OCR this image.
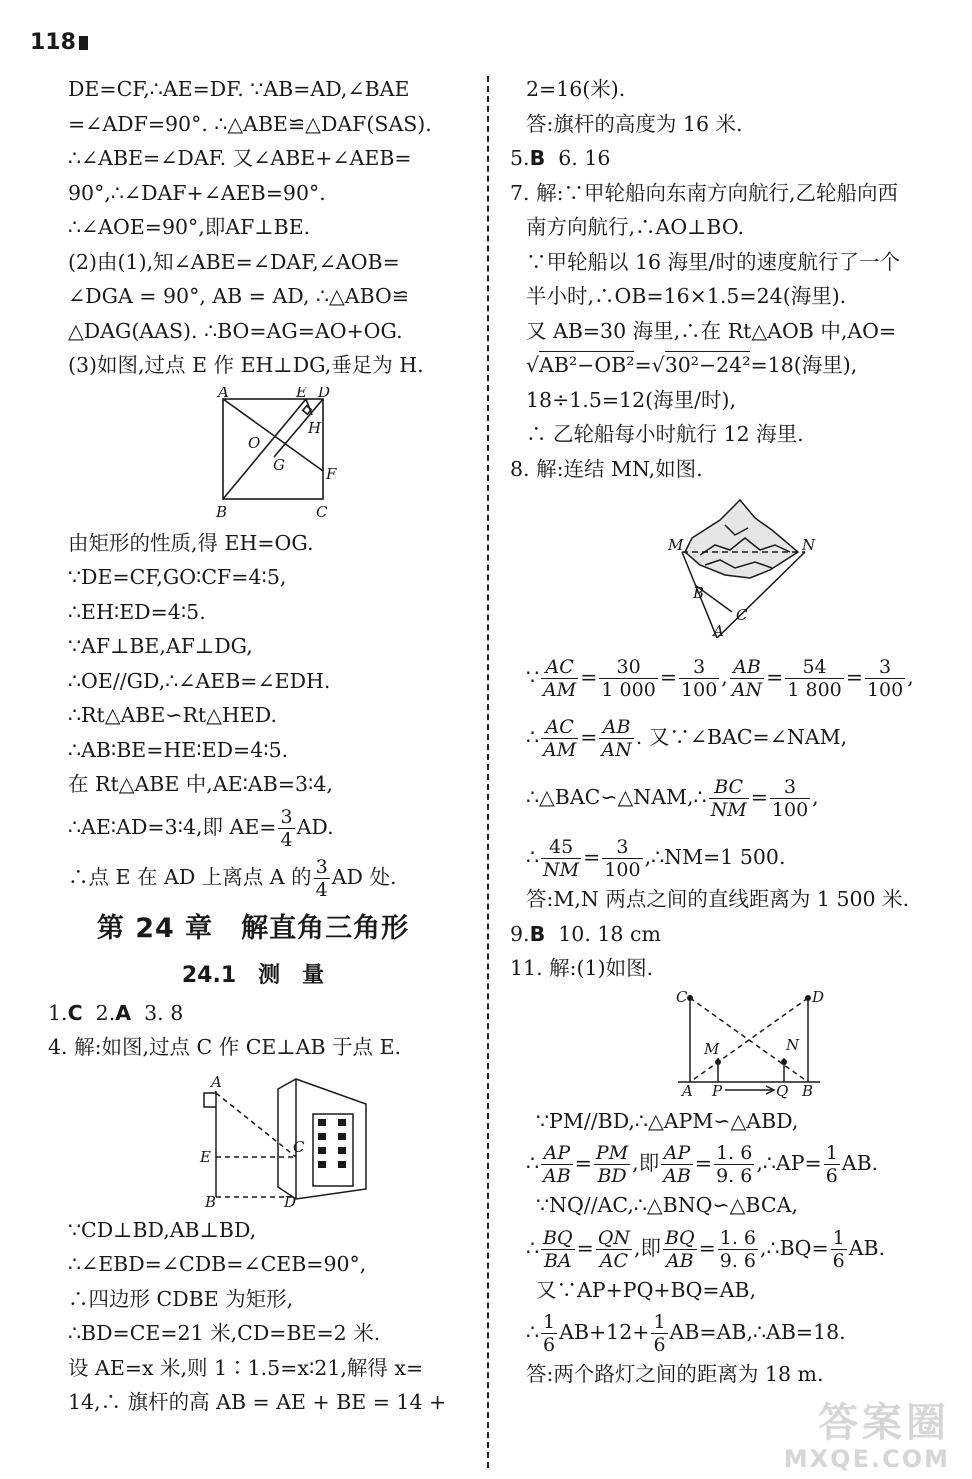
118
DE=CF,∴AE=DF. ∵AB=AD,∠BAE
=∠ADF=90°. ∴△ABE≌△DAF(SAS).
∴∠ABE=∠DAF. 又∠ABE+∠AEB=
90°,∴∠DAF+∠AEB=90°.
∴∠AOE=90°,即AF⊥BE.
(2)由(1),知∠ABE=∠DAF,∠AOB=
∠DGA = 90°, AB = AD, ∴△ABO≌
△DAG(AAS). ∴BO=AG=AO+OG.
(3)如图,过点 E 作 EH⊥DG,垂足为 H.
A	E D
O
H
G	F
B	C
由矩形的性质,得 EH=OG.
∵DE=CF,GO∶CF=4∶5,
∴EH∶ED=4∶5.
∵AF⊥BE,AF⊥DG,
∴OE//GD,∴∠AEB=∠EDH.
∴Rt△ABE∽Rt△HED.
∴AB∶BE=HE∶ED=4∶5.
在 Rt△ABE 中,AE∶AB=3∶4,
∴AE∶AD=3∶4,即 $AE= \frac{3}{4}$ AD.
∴点 E 在 AD 上离点 A 的 $\frac{3}{4}$ AD 处.
第 24 章　解直角三角形
24.1　测　量
1.C 2.A 3. 8
4. 解:如图,过点 C 作 CE⊥AB 于点 E.
A
E
B
C
D
∵CD⊥BD,AB⊥BD,
∴∠EBD=∠CDB=∠CEB=90°,
∴四边形 CDBE 为矩形,
∴BD=CE=21 米,CD=BE=2 米.
设 AE=x 米,则 1∶1.5=x∶21,解得 x=
14,∴ 旗杆的高 AB = AE + BE = 14 +
2=16(米).
答:旗杆的高度为 16 米.
5.B 6. 16
7. 解:∵甲轮船向东南方向航行,乙轮船向西
南方向航行,∴AO⊥BO.
∵甲轮船以 16 海里/时的速度航行了一个
半小时,∴OB=16×1.5=24(海里).
又 AB=30 海里,∴在 Rt△AOB 中,AO=
√AB²−OB²=√30²−24²=18(海里),
18÷1.5=12(海里/时),
∴ 乙轮船每小时航行 12 海里.
8. 解:连结 MN,如图.
M	N
B
C
A
∵ $\frac{AC}{AM} = \frac{30}{1 000} = \frac{3}{100}$ , $\frac{AB}{AN} = \frac{54}{1 800} = \frac{3}{100}$ ,
∴ $\frac{AC}{AM} = \frac{AB}{AN}$ . 又∵∠BAC=∠NAM,
∴△BAC∽△NAM,∴ $\frac{BC}{NM} = \frac{3}{100}$ ,
∴ $\frac{45}{NM} = \frac{3}{100}$ ,∴NM=1 500.
答:M,N 两点之间的直线距离为 1 500 米.
9.B 10. 18 cm
11. 解:(1)如图.
C	D
M	N
A P	Q B
∵PM//BD,∴△APM∽△ABD,
∴ $\frac{AP}{AB} = \frac{PM}{BD}$ ,即 $\frac{AP}{AB} = \frac{1. 6}{9. 6}$ ,∴AP= $\frac{1}{6}$ AB.
∵NQ//AC,∴△BNQ∽△BCA,
∴ $\frac{BQ}{BA} = \frac{QN}{AC}$ ,即 $\frac{BQ}{AB} = \frac{1. 6}{9. 6}$ ,∴BQ= $\frac{1}{6}$ AB.
又∵AP+PQ+BQ=AB,
∴ $\frac{1}{6} AB+12+ \frac{1}{6}$ AB=AB,∴AB=18.
答:两个路灯之间的距离为 18 m.
答案圈
MXQE.COM
